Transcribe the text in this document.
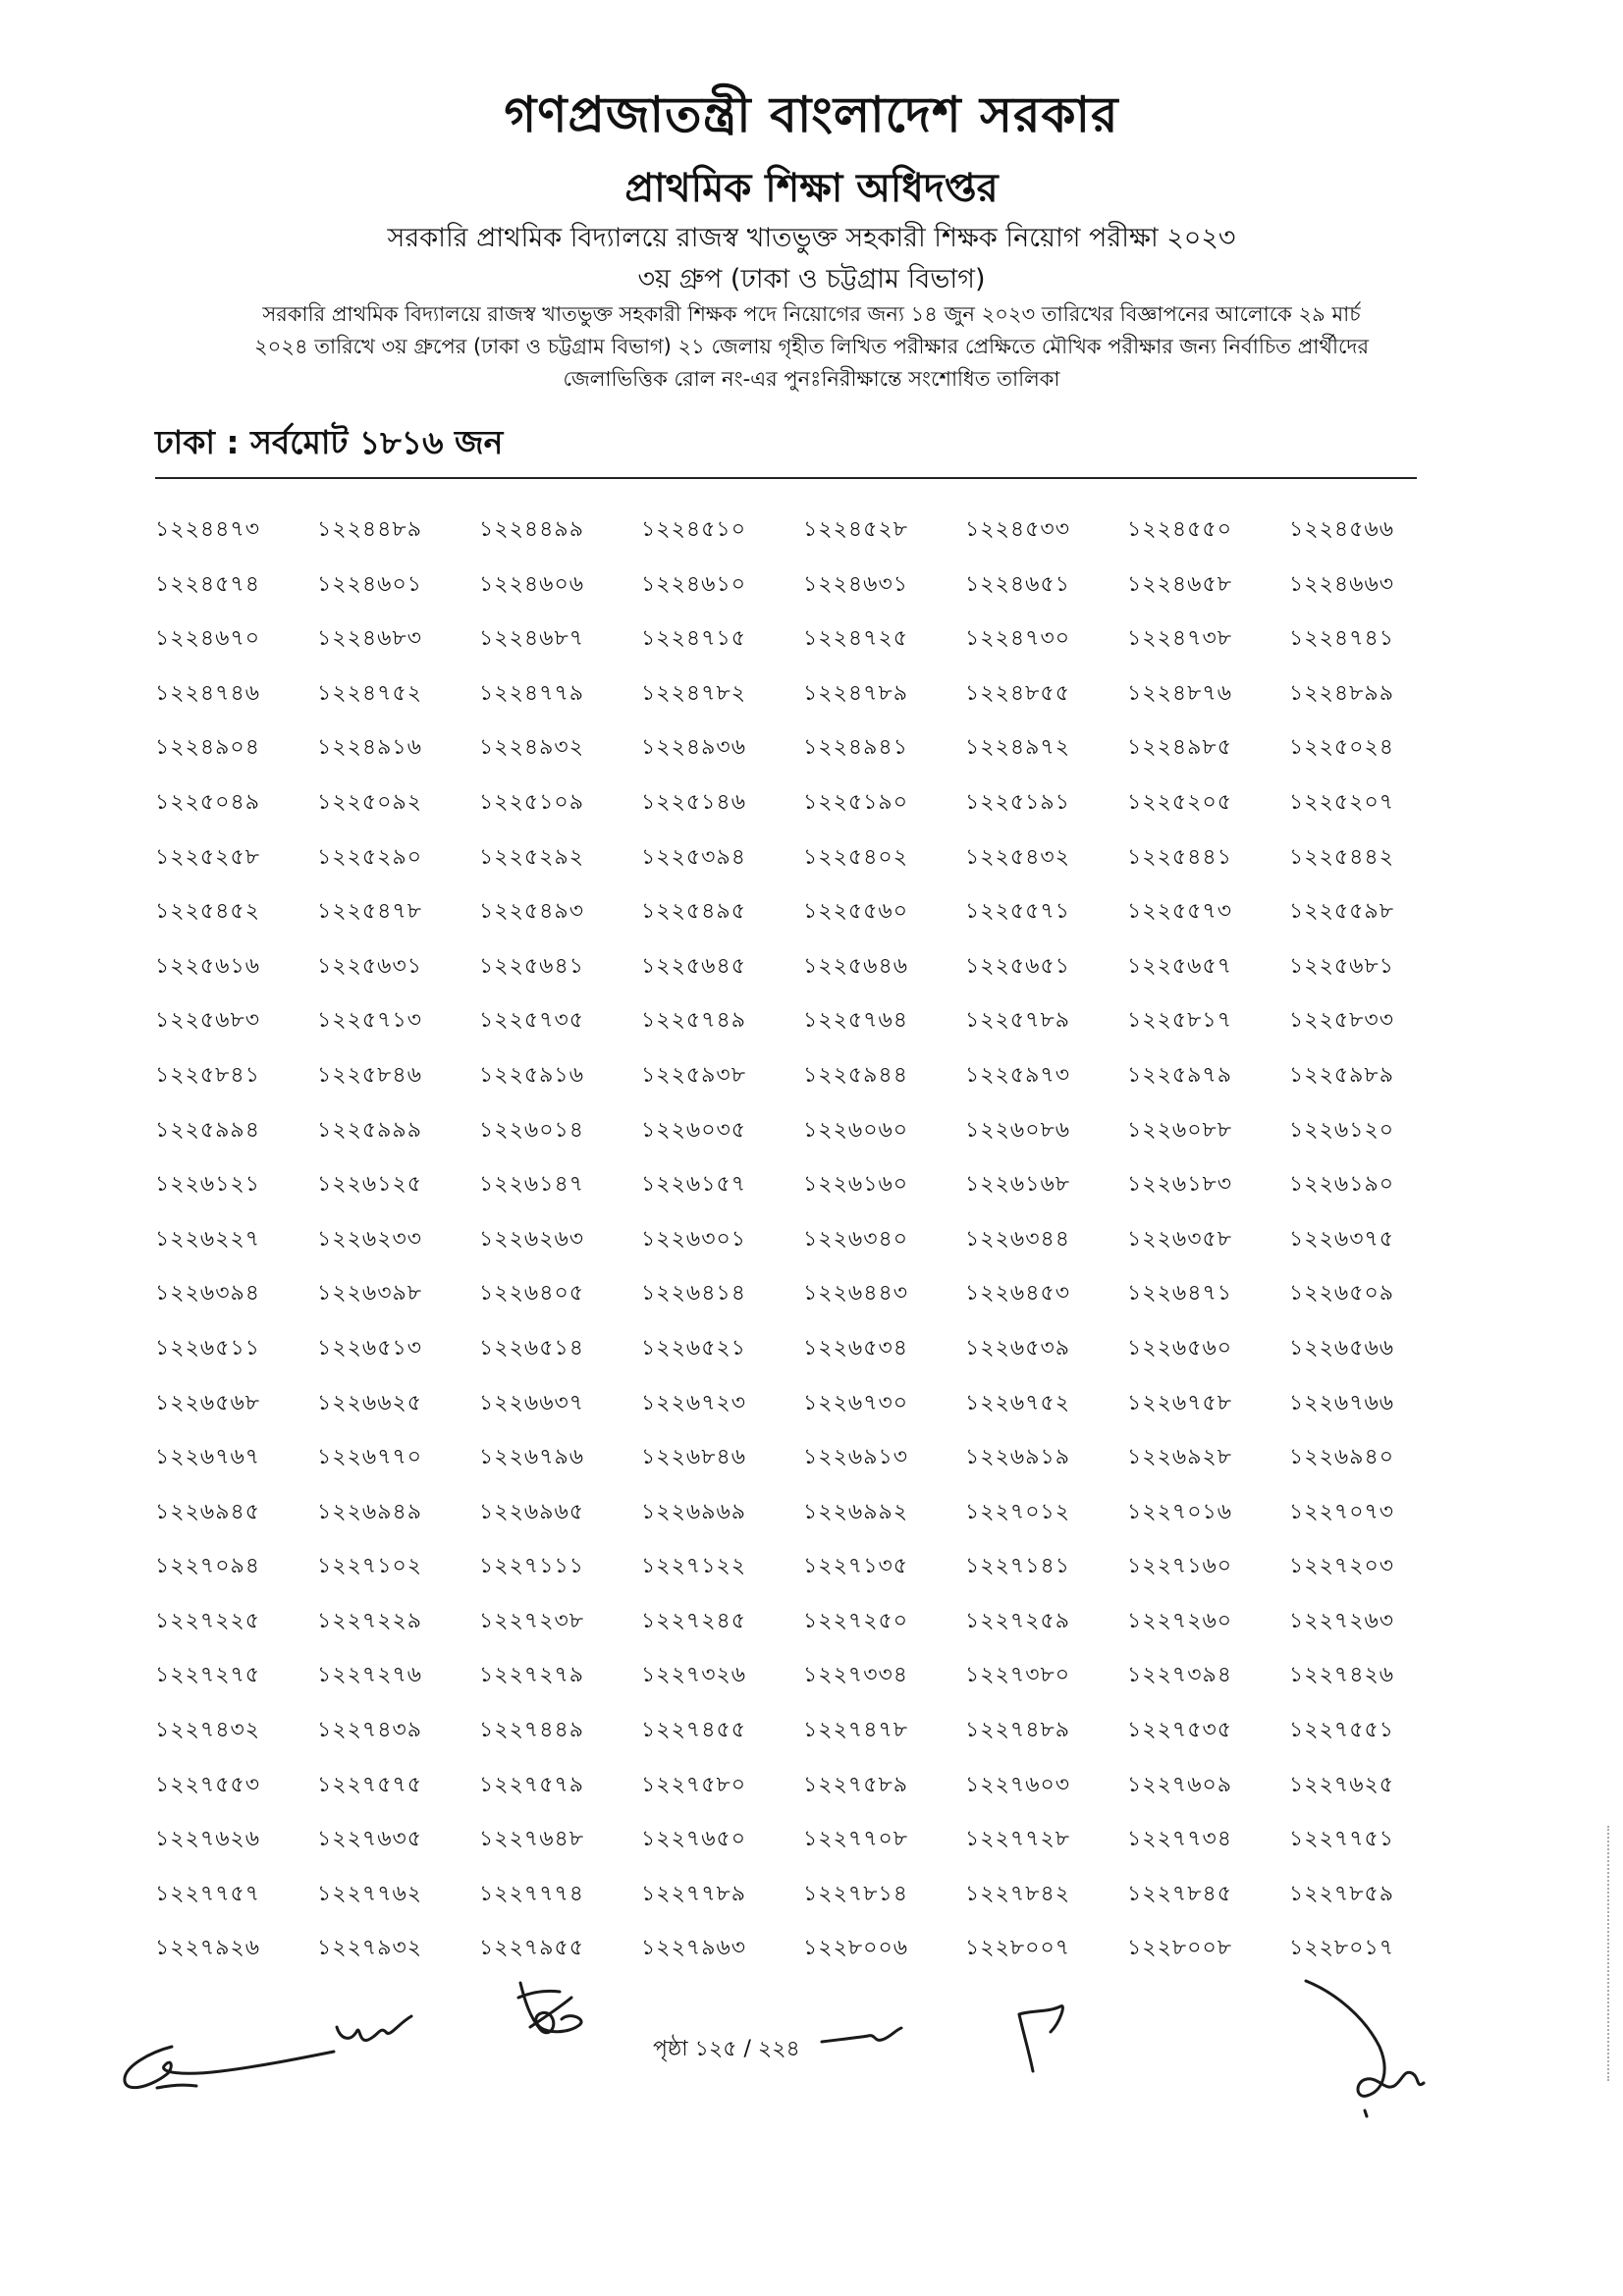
গণপ্রজাতন্ত্রী বাংলাদেশ সরকার
প্রাথমিক শিক্ষা অধিদপ্তর
সরকারি প্রাথমিক বিদ্যালয়ে রাজস্ব খাতভুক্ত সহকারী শিক্ষক নিয়োগ পরীক্ষা ২০২৩
৩য় গ্রুপ (ঢাকা ও চট্টগ্রাম বিভাগ)
সরকারি প্রাথমিক বিদ্যালয়ে রাজস্ব খাতভুক্ত সহকারী শিক্ষক পদে নিয়োগের জন্য ১৪ জুন ২০২৩ তারিখের বিজ্ঞাপনের আলোকে ২৯ মার্চ
২০২৪ তারিখে ৩য় গ্রুপের (ঢাকা ও চট্টগ্রাম বিভাগ) ২১ জেলায় গৃহীত লিখিত পরীক্ষার প্রেক্ষিতে মৌখিক পরীক্ষার জন্য নির্বাচিত প্রার্থীদের
জেলাভিত্তিক রোল নং-এর পুনঃনিরীক্ষান্তে সংশোধিত তালিকা
ঢাকা : সর্বমোট ১৮১৬ জন
১২২৪৪৭৩	১২২৪৪৮৯	১২২৪৪৯৯	১২২৪৫১০	১২২৪৫২৮	১২২৪৫৩৩	১২২৪৫৫০	১২২৪৫৬৬
১২২৪৫৭৪	১২২৪৬০১	১২২৪৬০৬	১২২৪৬১০	১২২৪৬৩১	১২২৪৬৫১	১২২৪৬৫৮	১২২৪৬৬৩
১২২৪৬৭০	১২২৪৬৮৩	১২২৪৬৮৭	১২২৪৭১৫	১২২৪৭২৫	১২২৪৭৩০	১২২৪৭৩৮	১২২৪৭৪১
১২২৪৭৪৬	১২২৪৭৫২	১২২৪৭৭৯	১২২৪৭৮২	১২২৪৭৮৯	১২২৪৮৫৫	১২২৪৮৭৬	১২২৪৮৯৯
১২২৪৯০৪	১২২৪৯১৬	১২২৪৯৩২	১২২৪৯৩৬	১২২৪৯৪১	১২২৪৯৭২	১২২৪৯৮৫	১২২৫০২৪
১২২৫০৪৯	১২২৫০৯২	১২২৫১০৯	১২২৫১৪৬	১২২৫১৯০	১২২৫১৯১	১২২৫২০৫	১২২৫২০৭
১২২৫২৫৮	১২২৫২৯০	১২২৫২৯২	১২২৫৩৯৪	১২২৫৪০২	১২২৫৪৩২	১২২৫৪৪১	১২২৫৪৪২
১২২৫৪৫২	১২২৫৪৭৮	১২২৫৪৯৩	১২২৫৪৯৫	১২২৫৫৬০	১২২৫৫৭১	১২২৫৫৭৩	১২২৫৫৯৮
১২২৫৬১৬	১২২৫৬৩১	১২২৫৬৪১	১২২৫৬৪৫	১২২৫৬৪৬	১২২৫৬৫১	১২২৫৬৫৭	১২২৫৬৮১
১২২৫৬৮৩	১২২৫৭১৩	১২২৫৭৩৫	১২২৫৭৪৯	১২২৫৭৬৪	১২২৫৭৮৯	১২২৫৮১৭	১২২৫৮৩৩
১২২৫৮৪১	১২২৫৮৪৬	১২২৫৯১৬	১২২৫৯৩৮	১২২৫৯৪৪	১২২৫৯৭৩	১২২৫৯৭৯	১২২৫৯৮৯
১২২৫৯৯৪	১২২৫৯৯৯	১২২৬০১৪	১২২৬০৩৫	১২২৬০৬০	১২২৬০৮৬	১২২৬০৮৮	১২২৬১২০
১২২৬১২১	১২২৬১২৫	১২২৬১৪৭	১২২৬১৫৭	১২২৬১৬০	১২২৬১৬৮	১২২৬১৮৩	১২২৬১৯০
১২২৬২২৭	১২২৬২৩৩	১২২৬২৬৩	১২২৬৩০১	১২২৬৩৪০	১২২৬৩৪৪	১২২৬৩৫৮	১২২৬৩৭৫
১২২৬৩৯৪	১২২৬৩৯৮	১২২৬৪০৫	১২২৬৪১৪	১২২৬৪৪৩	১২২৬৪৫৩	১২২৬৪৭১	১২২৬৫০৯
১২২৬৫১১	১২২৬৫১৩	১২২৬৫১৪	১২২৬৫২১	১২২৬৫৩৪	১২২৬৫৩৯	১২২৬৫৬০	১২২৬৫৬৬
১২২৬৫৬৮	১২২৬৬২৫	১২২৬৬৩৭	১২২৬৭২৩	১২২৬৭৩০	১২২৬৭৫২	১২২৬৭৫৮	১২২৬৭৬৬
১২২৬৭৬৭	১২২৬৭৭০	১২২৬৭৯৬	১২২৬৮৪৬	১২২৬৯১৩	১২২৬৯১৯	১২২৬৯২৮	১২২৬৯৪০
১২২৬৯৪৫	১২২৬৯৪৯	১২২৬৯৬৫	১২২৬৯৬৯	১২২৬৯৯২	১২২৭০১২	১২২৭০১৬	১২২৭০৭৩
১২২৭০৯৪	১২২৭১০২	১২২৭১১১	১২২৭১২২	১২২৭১৩৫	১২২৭১৪১	১২২৭১৬০	১২২৭২০৩
১২২৭২২৫	১২২৭২২৯	১২২৭২৩৮	১২২৭২৪৫	১২২৭২৫০	১২২৭২৫৯	১২২৭২৬০	১২২৭২৬৩
১২২৭২৭৫	১২২৭২৭৬	১২২৭২৭৯	১২২৭৩২৬	১২২৭৩৩৪	১২২৭৩৮০	১২২৭৩৯৪	১২২৭৪২৬
১২২৭৪৩২	১২২৭৪৩৯	১২২৭৪৪৯	১২২৭৪৫৫	১২২৭৪৭৮	১২২৭৪৮৯	১২২৭৫৩৫	১২২৭৫৫১
১২২৭৫৫৩	১২২৭৫৭৫	১২২৭৫৭৯	১২২৭৫৮০	১২২৭৫৮৯	১২২৭৬০৩	১২২৭৬০৯	১২২৭৬২৫
১২২৭৬২৬	১২২৭৬৩৫	১২২৭৬৪৮	১২২৭৬৫০	১২২৭৭০৮	১২২৭৭২৮	১২২৭৭৩৪	১২২৭৭৫১
১২২৭৭৫৭	১২২৭৭৬২	১২২৭৭৭৪	১২২৭৭৮৯	১২২৭৮১৪	১২২৭৮৪২	১২২৭৮৪৫	১২২৭৮৫৯
১২২৭৯২৬	১২২৭৯৩২	১২২৭৯৫৫	১২২৭৯৬৩	১২২৮০০৬	১২২৮০০৭	১২২৮০০৮	১২২৮০১৭
পৃষ্ঠা ১২৫ / ২২৪
